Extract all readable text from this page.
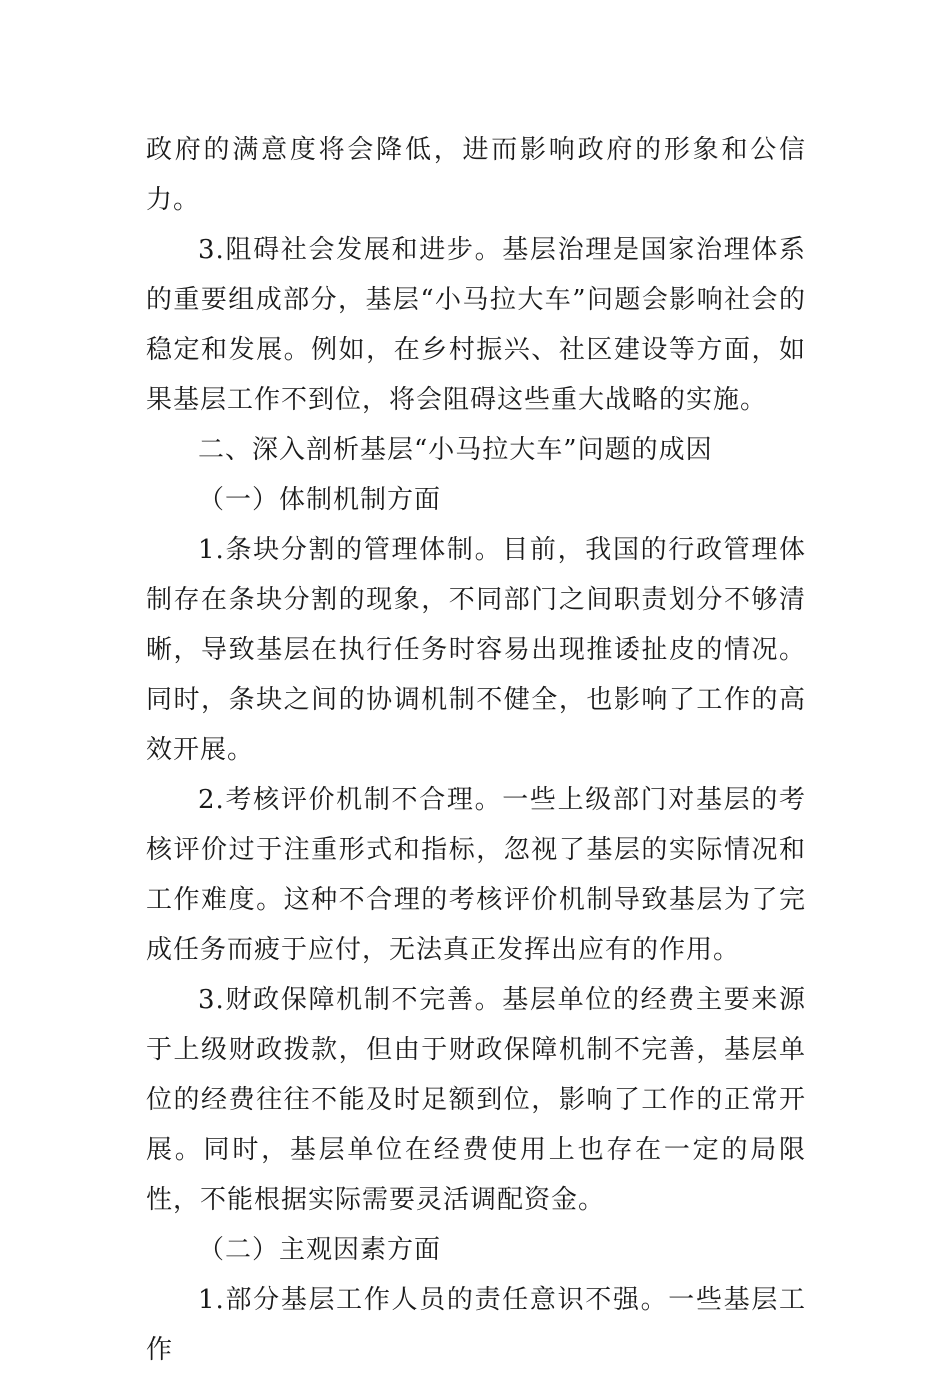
政府的满意度将会降低，进而影响政府的形象和公信力。

3.阻碍社会发展和进步。基层治理是国家治理体系的重要组成部分，基层“小马拉大车”问题会影响社会的稳定和发展。例如，在乡村振兴、社区建设等方面，如果基层工作不到位，将会阻碍这些重大战略的实施。

二、深入剖析基层“小马拉大车”问题的成因

（一）体制机制方面

1.条块分割的管理体制。目前，我国的行政管理体制存在条块分割的现象，不同部门之间职责划分不够清晰，导致基层在执行任务时容易出现推诿扯皮的情况。同时，条块之间的协调机制不健全，也影响了工作的高效开展。

2.考核评价机制不合理。一些上级部门对基层的考核评价过于注重形式和指标，忽视了基层的实际情况和工作难度。这种不合理的考核评价机制导致基层为了完成任务而疲于应付，无法真正发挥出应有的作用。

3.财政保障机制不完善。基层单位的经费主要来源于上级财政拨款，但由于财政保障机制不完善，基层单位的经费往往不能及时足额到位，影响了工作的正常开展。同时，基层单位在经费使用上也存在一定的局限性，不能根据实际需要灵活调配资金。

（二）主观因素方面

1.部分基层工作人员的责任意识不强。一些基层工作
